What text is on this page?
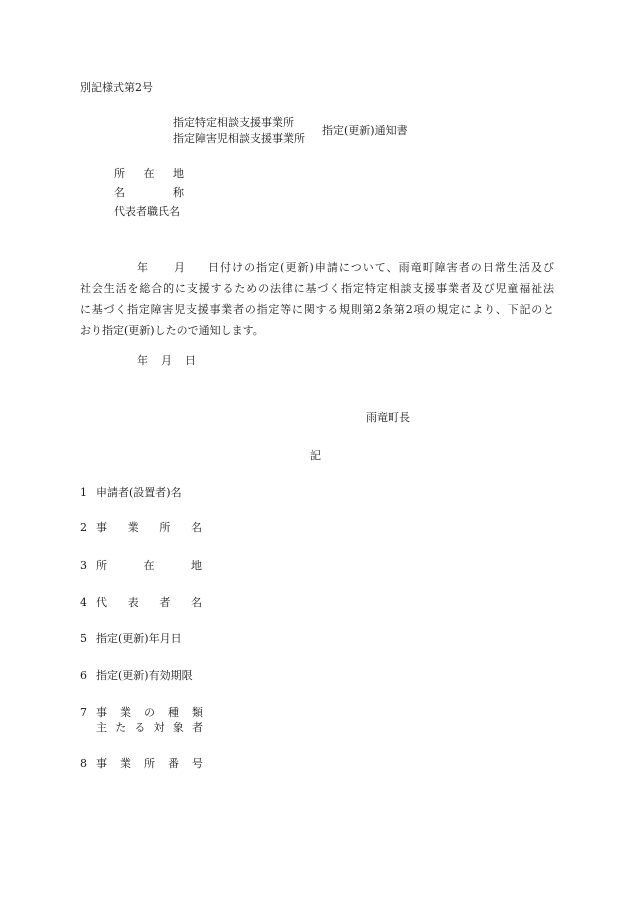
別記様式第2号
指定特定相談支援事業所
指定障害児相談支援事業所
指定(更新)通知書
所 在 地
名	称
代表者職氏名
年 月 日付けの指定(更新)申請について、雨竜町障害者の日常生活及び
社会生活を総合的に支援するための法律に基づく指定特定相談支援事業者及び児童福祉法
に基づく指定障害児支援事業者の指定等に関する規則第2条第2項の規定により、下記のと
おり指定(更新)したので通知します。
年 月 日
雨竜町長
記
1 申請者(設置者)名
2 事 業 所 名
3 所	在	地
4 代 表 者 名
5 指定(更新)年月日
6 指定(更新)有効期限
7 事 業 の 種 類
主 た る 対 象 者
8 事 業 所 番 号
